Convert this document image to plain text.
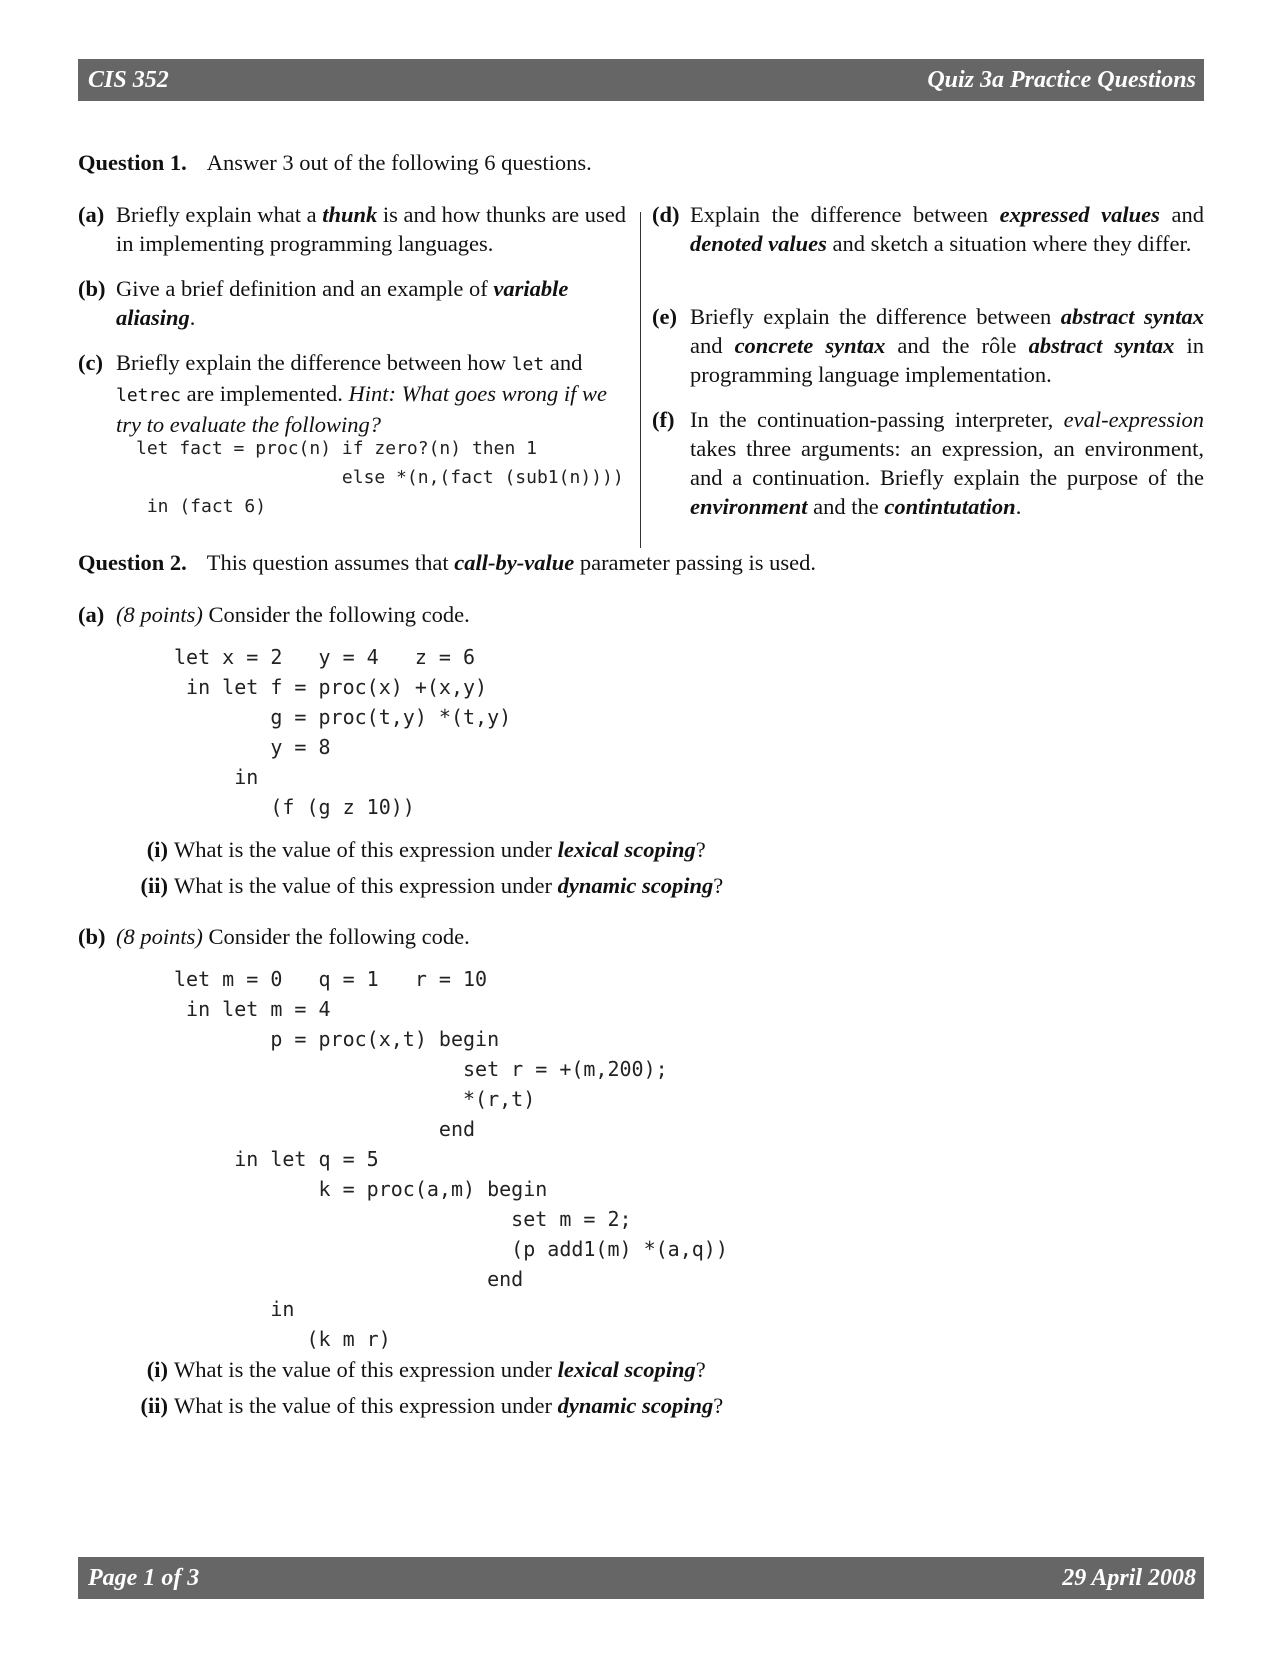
CIS 352	Quiz 3a Practice Questions
Question 1. Answer 3 out of the following 6 questions.
(a) Briefly explain what a thunk is and how thunks are used in implementing programming languages.
(b) Give a brief definition and an example of variable aliasing.
(c) Briefly explain the difference between how let and letrec are implemented. Hint: What goes wrong if we try to evaluate the following?
let fact = proc(n) if zero?(n) then 1
else *(n,(fact (sub1(n))))
in (fact 6)
(d) Explain the difference between expressed values and denoted values and sketch a situation where they differ.
(e) Briefly explain the difference between abstract syntax and concrete syntax and the rôle abstract syntax in programming language implementation.
(f) In the continuation-passing interpreter, eval-expression takes three arguments: an expression, an environment, and a continuation. Briefly explain the purpose of the environment and the contintutation.
Question 2. This question assumes that call-by-value parameter passing is used.
(a) (8 points) Consider the following code.
let x = 2   y = 4   z = 6
in let f = proc(x) +(x,y)
g = proc(t,y) *(t,y)
y = 8
in
(f (g z 10))
(i) What is the value of this expression under lexical scoping?
(ii) What is the value of this expression under dynamic scoping?
(b) (8 points) Consider the following code.
let m = 0   q = 1   r = 10
in let m = 4
p = proc(x,t) begin
set r = +(m,200);
*(r,t)
end
in let q = 5
k = proc(a,m) begin
set m = 2;
(p add1(m) *(a,q))
end
in
(k m r)
(i) What is the value of this expression under lexical scoping?
(ii) What is the value of this expression under dynamic scoping?
Page 1 of 3	29 April 2008
